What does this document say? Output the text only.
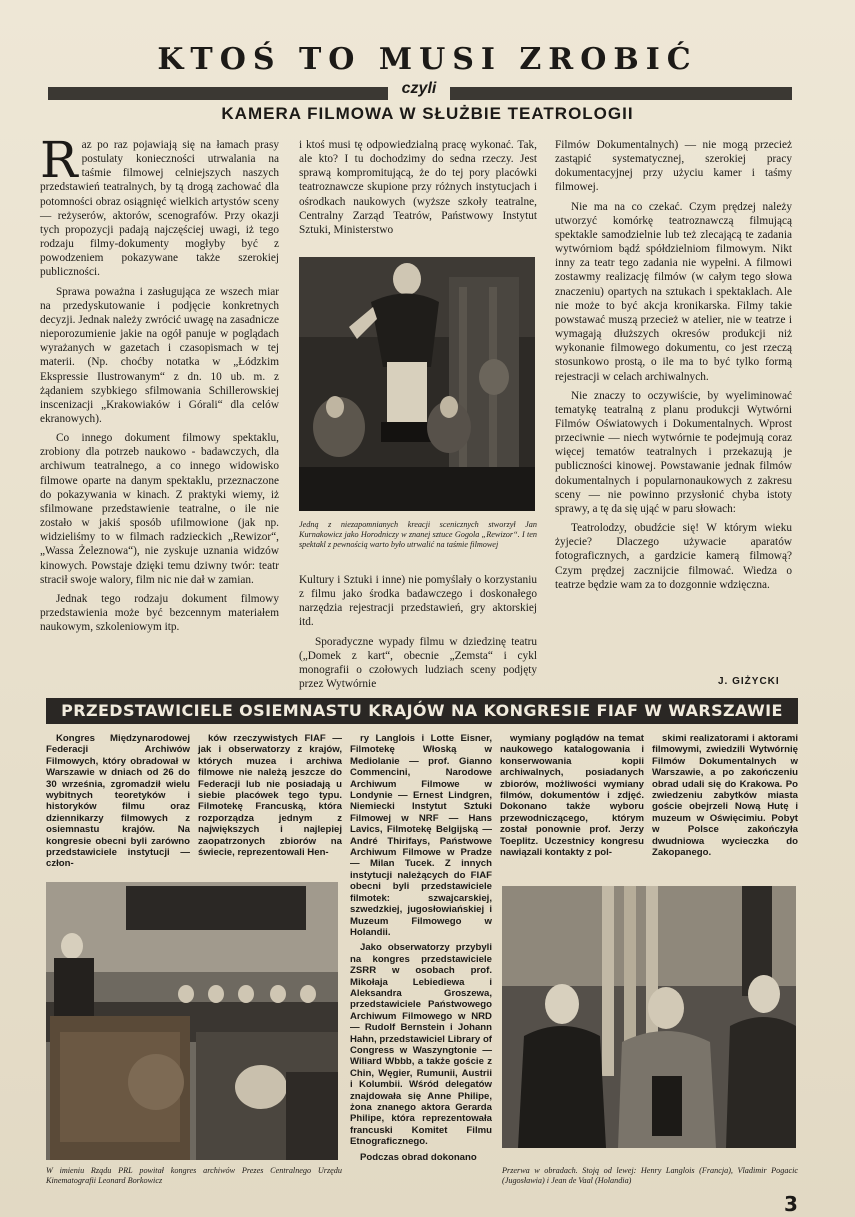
KTOŚ TO MUSI ZROBIĆ
czyli
KAMERA FILMOWA W SŁUŻBIE TEATROLOGII

Raz po raz pojawiają się na łamach prasy postulaty konieczności utrwalania na taśmie filmowej celniejszych naszych przedstawień teatralnych, by tą drogą zachować dla potomności obraz osiągnięć wielkich artystów sceny — reżyserów, aktorów, scenografów. Przy okazji tych propozycji padają najczęściej uwagi, iż tego rodzaju filmy-dokumenty mogłyby być z powodzeniem pokazywane także szerokiej publiczności.

Sprawa poważna i zasługująca ze wszech miar na przedyskutowanie i podjęcie konkretnych decyzji. Jednak należy zwrócić uwagę na zasadnicze nieporozumienie jakie na ogół panuje w poglądach wyrażanych w gazetach i czasopismach w tej materii. (Np. choćby notatka w „Łódzkim Ekspressie Ilustrowanym“ z dn. 10 ub. m. z żądaniem szybkiego sfilmowania Schillerowskiej inscenizacji „Krakowiaków i Górali“ dla celów ekranowych).

Co innego dokument filmowy spektaklu, zrobiony dla potrzeb naukowo - badawczych, dla archiwum teatralnego, a co innego widowisko filmowe oparte na danym spektaklu, przeznaczone do pokazywania w kinach. Z praktyki wiemy, iż sfilmowane przedstawienie teatralne, o ile nie zostało w jakiś sposób ufilmowione (jak np. widzieliśmy to w filmach radzieckich „Rewizor“, „Wassa Żeleznowa“), nie zyskuje uznania widzów kinowych. Powstaje dzięki temu dziwny twór: teatr stracił swoje walory, film nic nie dał w zamian.

Jednak tego rodzaju dokument filmowy przedstawienia może być bezcennym materiałem naukowym, szkoleniowym itp.

i ktoś musi tę odpowiedzialną pracę wykonać. Tak, ale kto? I tu dochodzimy do sedna rzeczy. Jest sprawą kompromitującą, że do tej pory placówki teatroznawcze skupione przy różnych instytucjach i ośrodkach naukowych (wyższe szkoły teatralne, Centralny Zarząd Teatrów, Państwowy Instytut Sztuki, Ministerstwo

Jedną z niezapomnianych kreacji scenicznych stworzył Jan Kurnakowicz jako Horodniczy w znanej sztuce Gogola „Rewizor“. I ten spektakl z pewnością warto było utrwalić na taśmie filmowej

Kultury i Sztuki i inne) nie pomyślały o korzystaniu z filmu jako środka badawczego i doskonałego narzędzia rejestracji przedstawień, gry aktorskiej itd.

Sporadyczne wypady filmu w dziedzinę teatru („Domek z kart“, obecnie „Zemsta“ i cykl monografii o czołowych ludziach sceny podjęty przez Wytwórnie

Filmów Dokumentalnych) — nie mogą przecież zastąpić systematycznej, szerokiej pracy dokumentacyjnej przy użyciu kamer i taśmy filmowej.

Nie ma na co czekać. Czym prędzej należy utworzyć komórkę teatroznawczą filmującą spektakle samodzielnie lub też zlecającą te zadania wytwórniom bądź spółdzielniom filmowym. Nikt inny za teatr tego zadania nie wypełni. A filmowi zostawmy realizację filmów (w całym tego słowa znaczeniu) opartych na sztukach i spektaklach. Ale nie może to być akcja kronikarska. Filmy takie powstawać muszą przecież w atelier, nie w teatrze i wymagają dłuższych okresów produkcji niż wykonanie filmowego dokumentu, co jest rzeczą stosunkowo prostą, o ile ma to być tylko formą rejestracji w celach archiwalnych.

Nie znaczy to oczywiście, by wyeliminować tematykę teatralną z planu produkcji Wytwórni Filmów Oświatowych i Dokumentalnych. Wprost przeciwnie — niech wytwórnie te podejmują coraz więcej tematów teatralnych i przekazują je publiczności kinowej. Powstawanie jednak filmów dokumentalnych i popularnonaukowych z zakresu sceny — nie powinno przysłonić chyba istoty sprawy, a tę da się ująć w paru słowach:

Teatrolodzy, obudźcie się! W którym wieku żyjecie? Dlaczego używacie aparatów fotograficznych, a gardzicie kamerą filmową? Czym prędzej zacznijcie filmować. Wiedza o teatrze będzie wam za to dozgonnie wdzięczna.

J. GIŻYCKI
PRZEDSTAWICIELE OSIEMNASTU KRAJÓW NA KONGRESIE FIAF W WARSZAWIE

Kongres Międzynarodowej Federacji Archiwów Filmowych, który obradował w Warszawie w dniach od 26 do 30 września, zgromadził wielu wybitnych teoretyków i historyków filmu oraz dziennikarzy filmowych z osiemnastu krajów. Na kongresie obecni byli zarówno przedstawiciele instytucji — człon-

ków rzeczywistych FIAF — jak i obserwatorzy z krajów, których muzea i archiwa filmowe nie należą jeszcze do Federacji lub nie posiadają u siebie placówek tego typu. Filmotekę Francuską, która rozporządza jednym z największych i najlepiej zaopatrzonych zbiorów na świecie, reprezentowali Hen-

ry Langlois i Lotte Eisner, Filmotekę Włoską w Mediolanie — prof. Gianno Commencini, Narodowe Archiwum Filmowe w Londynie — Ernest Lindgren, Niemiecki Instytut Sztuki Filmowej w NRF — Hans Lavics, Filmotekę Belgijską — André Thirifays, Państwowe Archiwum Filmowe w Pradze — Milan Tucek. Z innych instytucji należących do FIAF obecni byli przedstawiciele filmotek: szwajcarskiej, szwedzkiej, jugosłowiańskiej i Muzeum Filmowego w Holandii.

Jako obserwatorzy przybyli na kongres przedstawiciele ZSRR w osobach prof. Mikołaja Lebiediewa i Aleksandra Groszewa, przedstawiciele Państwowego Archiwum Filmowego w NRD — Rudolf Bernstein i Johann Hahn, przedstawiciel Library of Congress w Waszyngtonie — Wiliard Wbbb, a także goście z Chin, Węgier, Rumunii, Austrii i Kolumbii. Wśród delegatów znajdowała się Anne Philipe, żona znanego aktora Gerarda Philipe, która reprezentowała francuski Komitet Filmu Etnograficznego.

Podczas obrad dokonano

wymiany poglądów na temat naukowego katalogowania i konserwowania kopii archiwalnych, posiadanych zbiorów, możliwości wymiany filmów, dokumentów i zdjęć. Dokonano także wyboru przewodniczącego, którym został ponownie prof. Jerzy Toeplitz. Uczestnicy kongresu nawiązali kontakty z pol-

skimi realizatorami i aktorami filmowymi, zwiedzili Wytwórnię Filmów Dokumentalnych w Warszawie, a po zakończeniu obrad udali się do Krakowa. Po zwiedzeniu zabytków miasta goście obejrzeli Nową Hutę i muzeum w Oświęcimiu. Pobyt w Polsce zakończyła dwudniowa wycieczka do Zakopanego.

W imieniu Rządu PRL powitał kongres archiwów Prezes Centralnego Urzędu Kinematografii Leonard Borkowicz
Przerwa w obradach. Stoją od lewej: Henry Langlois (Francja), Vladimir Pogacic (Jugosławia) i Jean de Vaal (Holandia)
3
